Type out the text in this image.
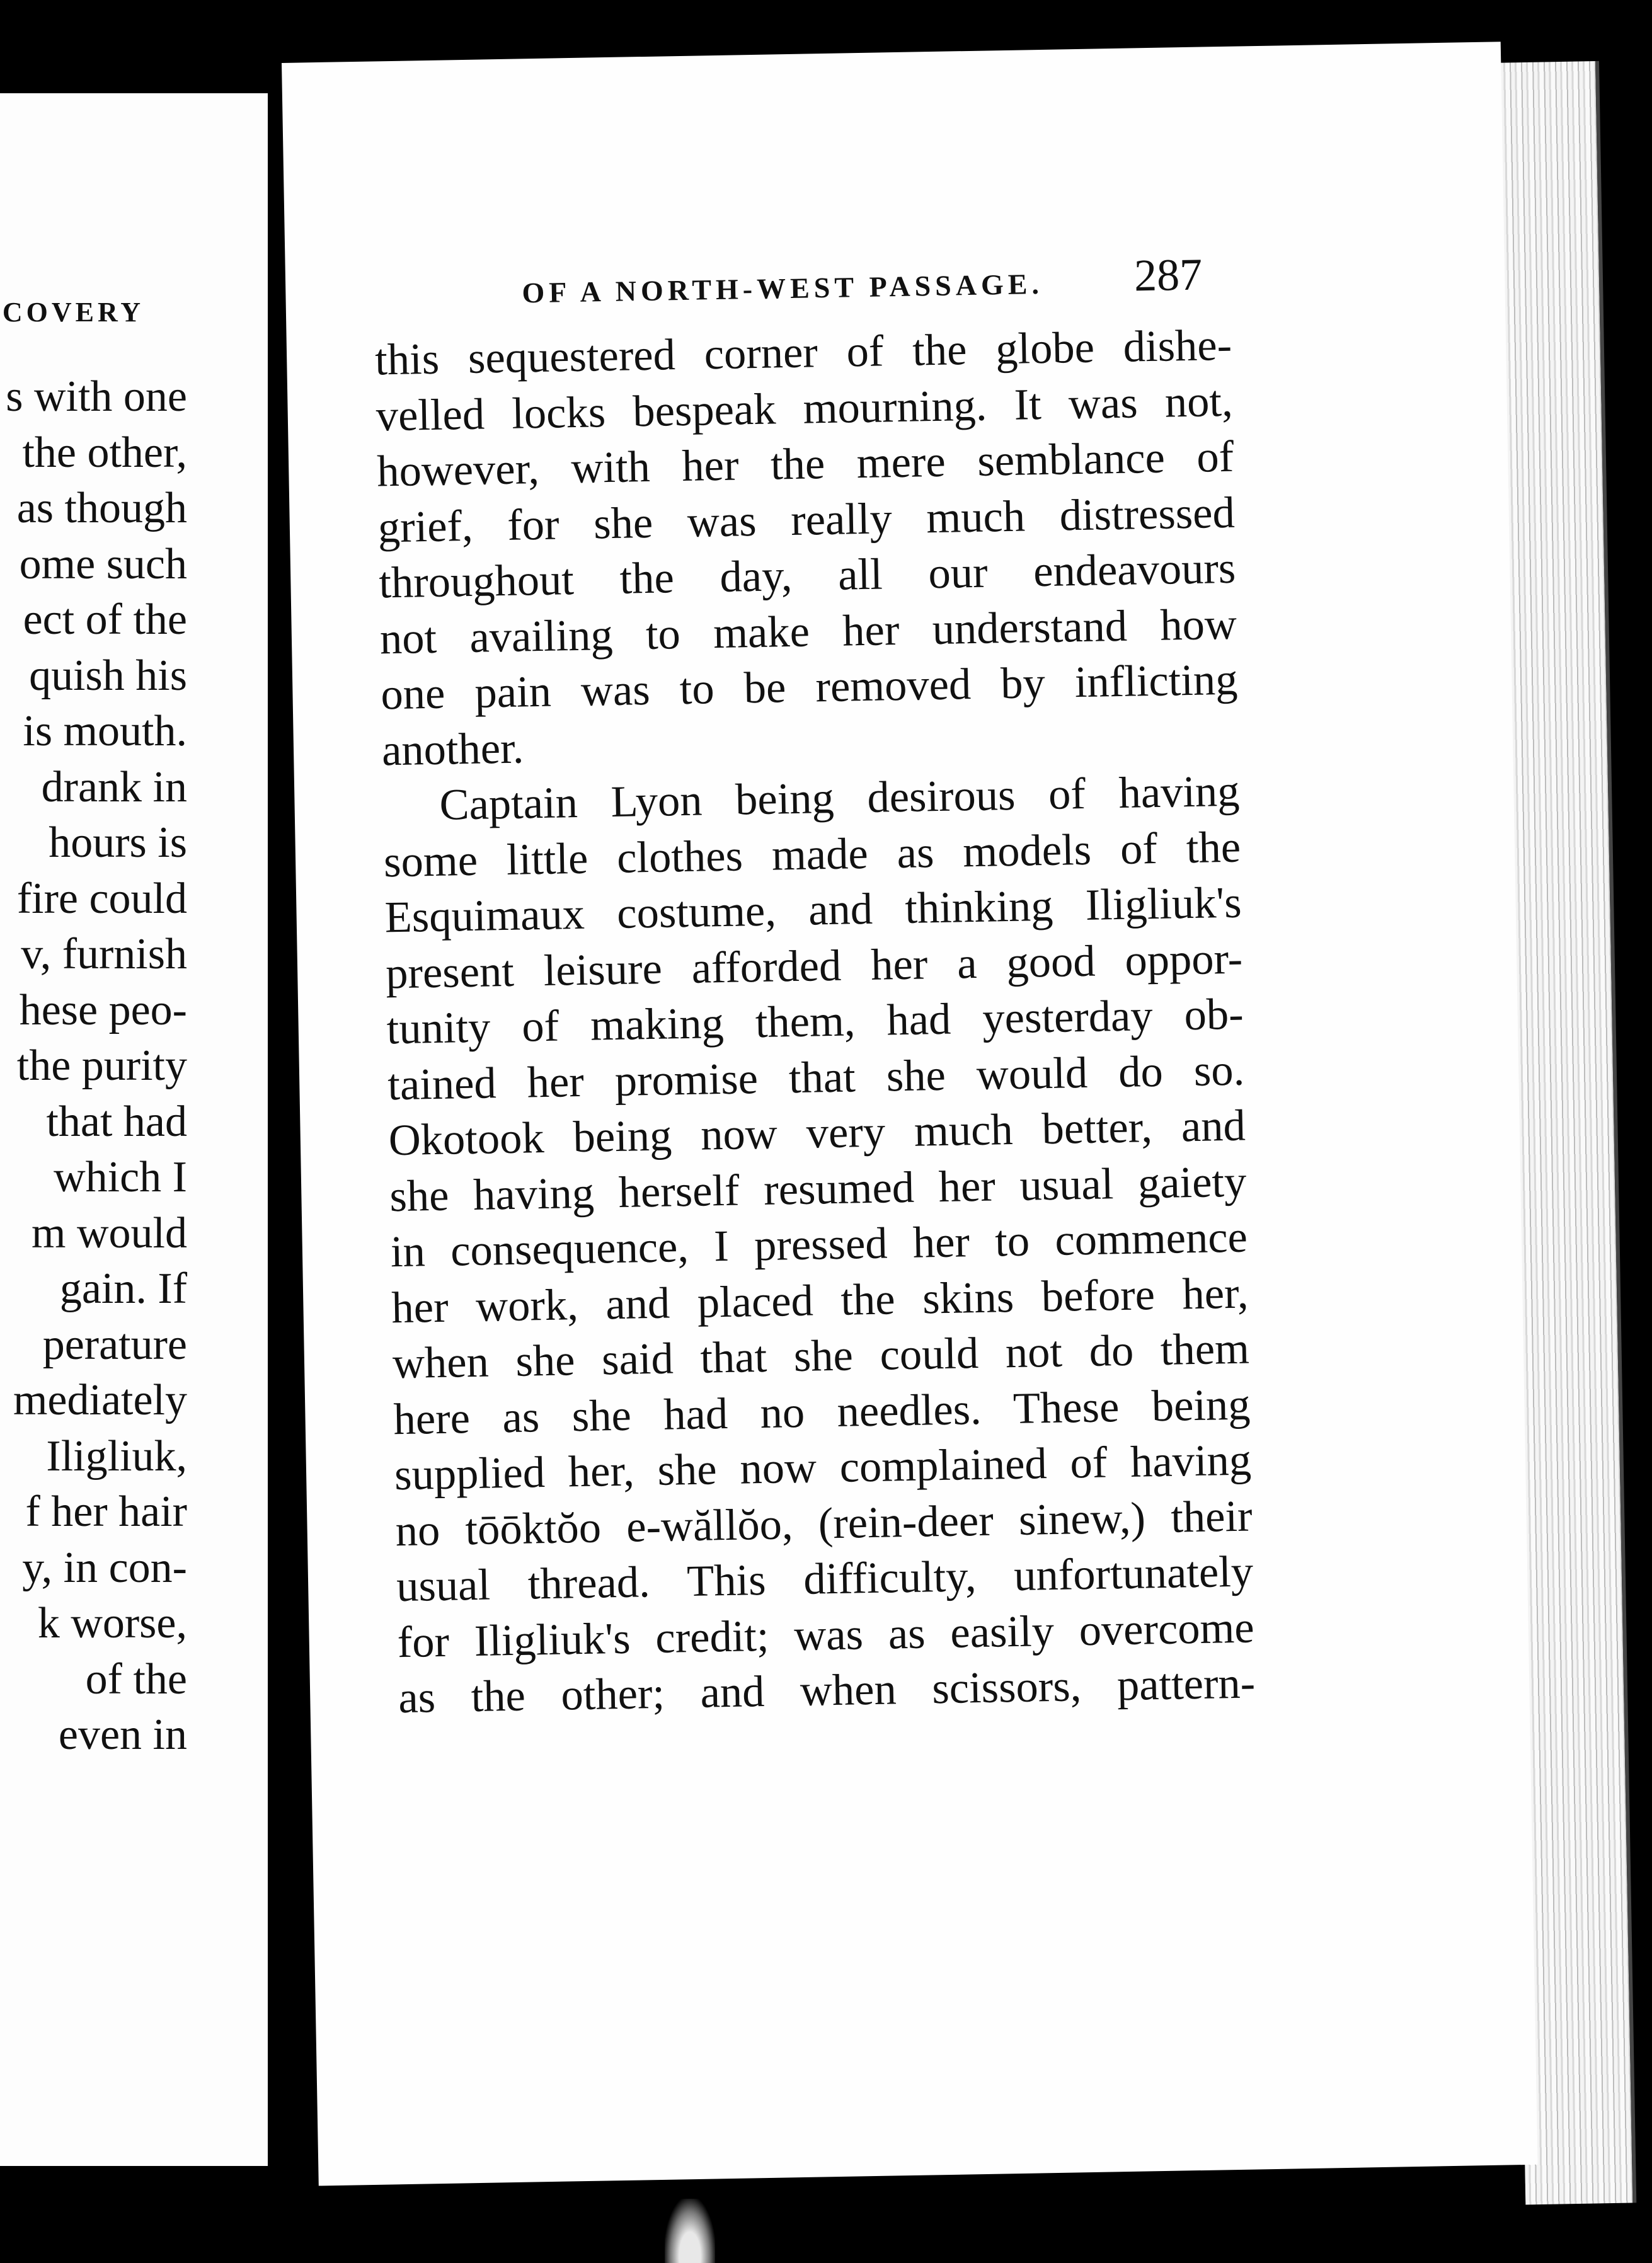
COVERY
s with one
the other,
as though
ome such
ect of the
quish his
is mouth.
drank in
hours is
fire could
v, furnish
hese peo-
the purity
that had
which I
m would
gain. If
perature
mediately
Iligliuk,
f her hair
y, in con-
k worse,
of the
even in
OF A NORTH-WEST PASSAGE. 287
this sequestered corner of the globe dishe-
velled locks bespeak mourning. It was not,
however, with her the mere semblance of
grief, for she was really much distressed
throughout the day, all our endeavours
not availing to make her understand how
one pain was to be removed by inflicting
another.
Captain Lyon being desirous of having
some little clothes made as models of the
Esquimaux costume, and thinking Iligliuk's
present leisure afforded her a good oppor-
tunity of making them, had yesterday ob-
tained her promise that she would do so.
Okotook being now very much better, and
she having herself resumed her usual gaiety
in consequence, I pressed her to commence
her work, and placed the skins before her,
when she said that she could not do them
here as she had no needles. These being
supplied her, she now complained of having
no tōōktŏo e-wăllŏo, (rein-deer sinew,) their
usual thread. This difficulty, unfortunately
for Iligliuk's credit; was as easily overcome
as the other; and when scissors, pattern-
